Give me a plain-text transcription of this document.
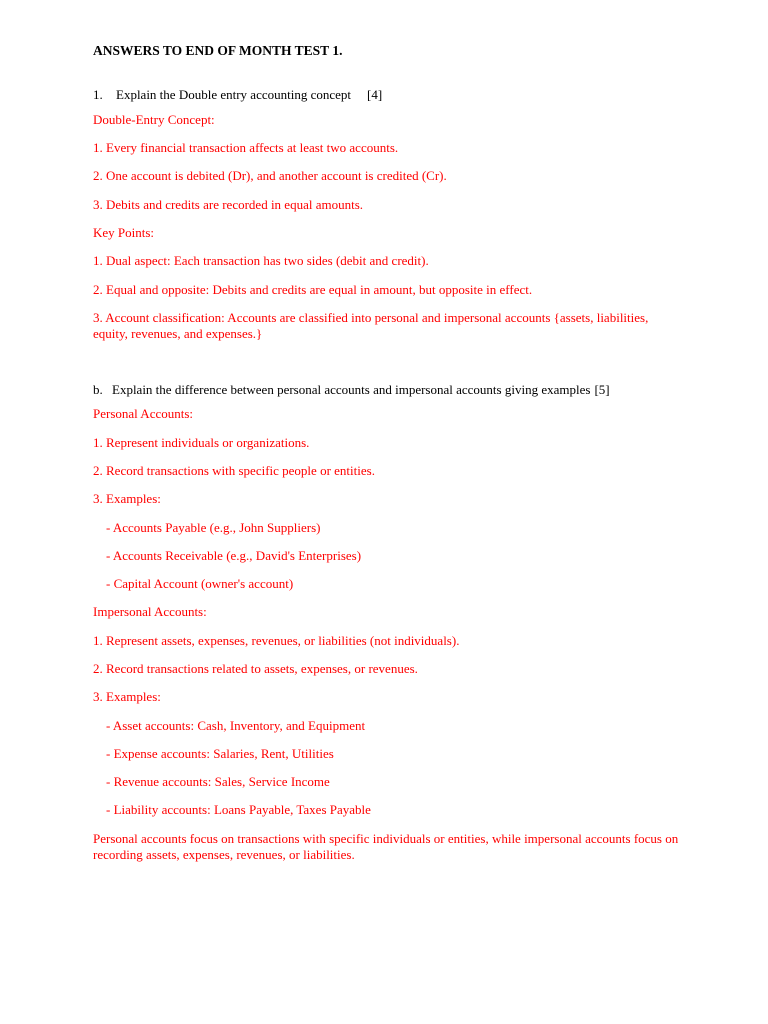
ANSWERS TO END OF MONTH TEST 1.
1. Explain the Double entry accounting concept [4]
Double-Entry Concept:
1. Every financial transaction affects at least two accounts.
2. One account is debited (Dr), and another account is credited (Cr).
3. Debits and credits are recorded in equal amounts.
Key Points:
1. Dual aspect: Each transaction has two sides (debit and credit).
2. Equal and opposite: Debits and credits are equal in amount, but opposite in effect.
3. Account classification: Accounts are classified into personal and impersonal accounts {assets, liabilities, equity, revenues, and expenses.}
b. Explain the difference between personal accounts and impersonal accounts giving examples [5]
Personal Accounts:
1. Represent individuals or organizations.
2. Record transactions with specific people or entities.
3. Examples:
- Accounts Payable (e.g., John Suppliers)
- Accounts Receivable (e.g., David's Enterprises)
- Capital Account (owner's account)
Impersonal Accounts:
1. Represent assets, expenses, revenues, or liabilities (not individuals).
2. Record transactions related to assets, expenses, or revenues.
3. Examples:
- Asset accounts: Cash, Inventory, and Equipment
- Expense accounts: Salaries, Rent, Utilities
- Revenue accounts: Sales, Service Income
- Liability accounts: Loans Payable, Taxes Payable
Personal accounts focus on transactions with specific individuals or entities, while impersonal accounts focus on recording assets, expenses, revenues, or liabilities.
